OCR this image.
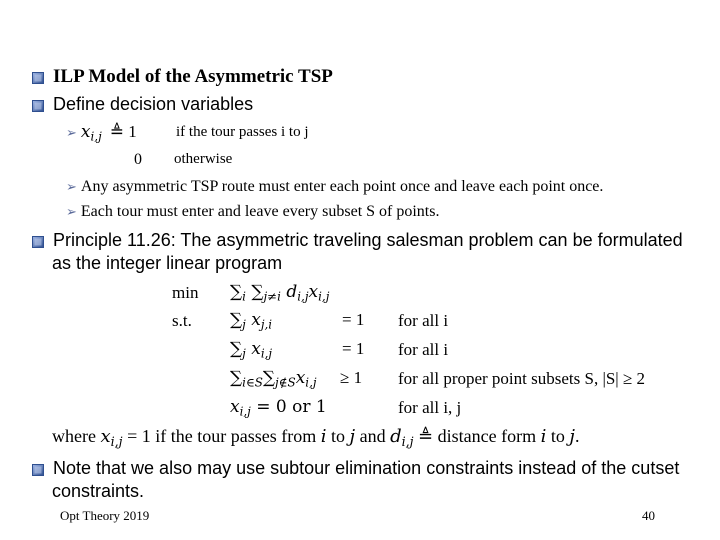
ILP Model of the Asymmetric TSP
Define decision variables
➢ $x_{i,j}$ ≜ 1	if the tour passes i to j
0 otherwise
➢ Any asymmetric TSP route must enter each point once and leave each point once.
➢ Each tour must enter and leave every subset S of points.
Principle 11.26: The asymmetric traveling salesman problem can be formulated
as the integer linear program
$\min \sum_i$ $\sum_{j\ne i}$ $d_{i,j}x_{i,j}$
s.t. $\sum_j$ $x_{j,i}$	= 1 for all i
$\sum_j$ $x_{i,j}$	= 1 for all i
$\sum_{i\in S}\sum_{j\notin S}x_{i,j} \ge 1$ for all proper point subsets S, |S| ≥ 2
$x_{i,j} = 0$ or 1	for all i, j
where $x_{i,j} = 1$ if the tour passes from i to j and $d_{i,j}$ ≜ distance form i to j.
Note that we also may use subtour elimination constraints instead of the cutset
constraints.
Opt Theory 2019	40
